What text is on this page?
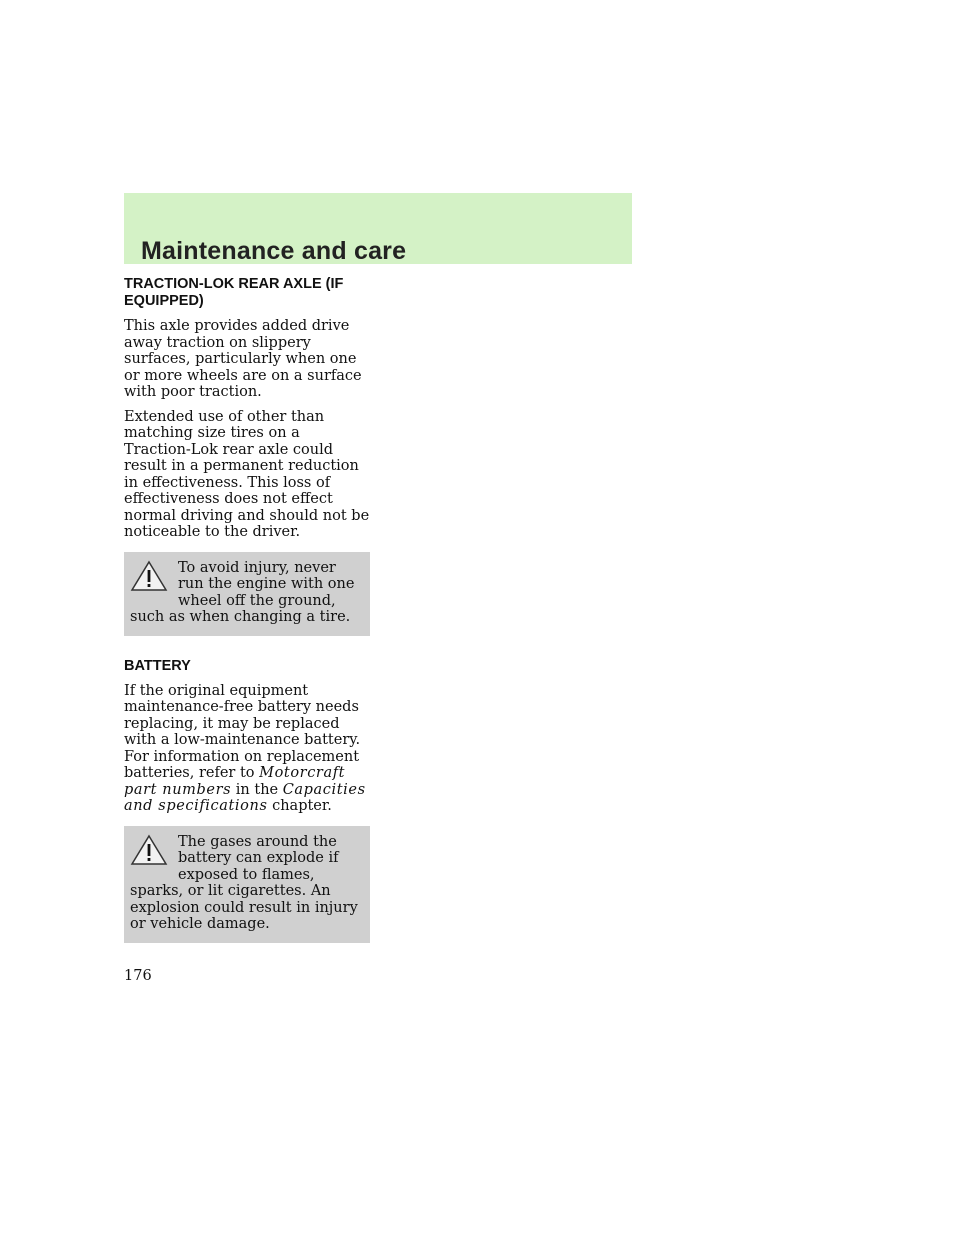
Maintenance and care
TRACTION-LOK REAR AXLE (IF EQUIPPED)

This axle provides added drive away traction on slippery surfaces, particularly when one or more wheels are on a surface with poor traction.

Extended use of other than matching size tires on a Traction-Lok rear axle could result in a permanent reduction in effectiveness. This loss of effectiveness does not effect normal driving and should not be noticeable to the driver.

To avoid injury, never run the engine with one wheel off the ground, such as when changing a tire.
BATTERY

If the original equipment maintenance-free battery needs replacing, it may be replaced with a low-maintenance battery. For information on replacement batteries, refer to Motorcraft part numbers in the Capacities and specifications chapter.

The gases around the battery can explode if exposed to flames, sparks, or lit cigarettes. An explosion could result in injury or vehicle damage.
176
